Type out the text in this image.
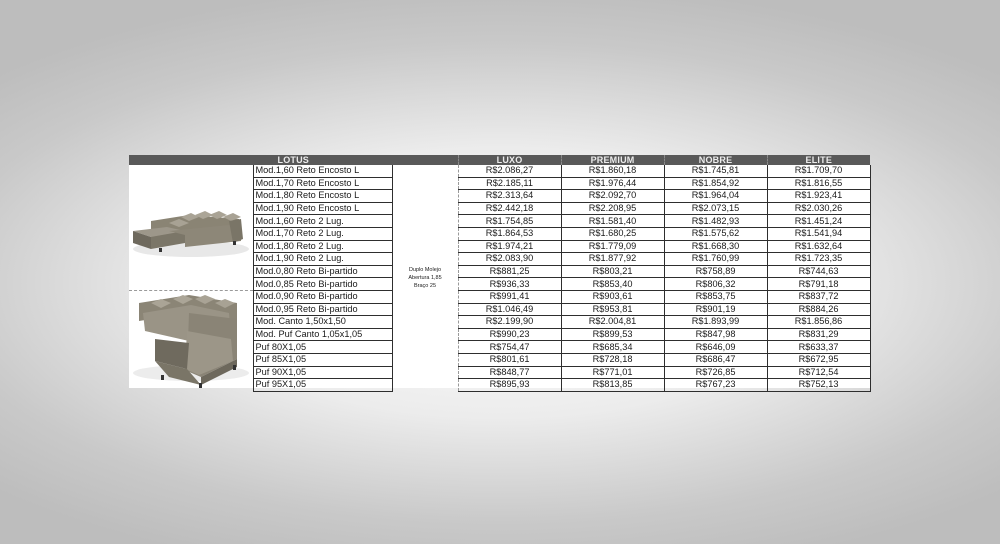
LOTUS			LUXO	PREMIUM	NOBRE	ELITE

	Mod.1,60 Reto Encosto L	Duplo Molejo
Abertura 1,85
Braço 25	R$2.086,27	R$1.860,18	R$1.745,81	R$1.709,70
	Mod.1,70 Reto Encosto L		R$2.185,11	R$1.976,44	R$1.854,92	R$1.816,55
	Mod.1,80 Reto Encosto L		R$2.313,64	R$2.092,70	R$1.964,04	R$1.923,41
	Mod.1,90 Reto Encosto L		R$2.442,18	R$2.208,95	R$2.073,15	R$2.030,26
	Mod.1,60 Reto 2 Lug.		R$1.754,85	R$1.581,40	R$1.482,93	R$1.451,24
	Mod.1,70 Reto 2 Lug.		R$1.864,53	R$1.680,25	R$1.575,62	R$1.541,94
	Mod.1,80 Reto 2 Lug.		R$1.974,21	R$1.779,09	R$1.668,30	R$1.632,64
	Mod.1,90 Reto 2 Lug.		R$2.083,90	R$1.877,92	R$1.760,99	R$1.723,35
	Mod.0,80 Reto Bi-partido		R$881,25	R$803,21	R$758,89	R$744,63
	Mod.0,85 Reto Bi-partido		R$936,33	R$853,40	R$806,32	R$791,18

	Mod.0,90 Reto Bi-partido		R$991,41	R$903,61	R$853,75	R$837,72
	Mod.0,95 Reto Bi-partido		R$1.046,49	R$953,81	R$901,19	R$884,26
	Mod. Canto 1,50x1,50		R$2.199,90	R$2.004,81	R$1.893,99	R$1.856,86
	Mod. Puf Canto 1,05x1,05		R$990,23	R$899,53	R$847,98	R$831,29
	Puf 80X1,05		R$754,47	R$685,34	R$646,09	R$633,37
	Puf 85X1,05		R$801,61	R$728,18	R$686,47	R$672,95
	Puf 90X1,05		R$848,77	R$771,01	R$726,85	R$712,54
	Puf 95X1,05		R$895,93	R$813,85	R$767,23	R$752,13
